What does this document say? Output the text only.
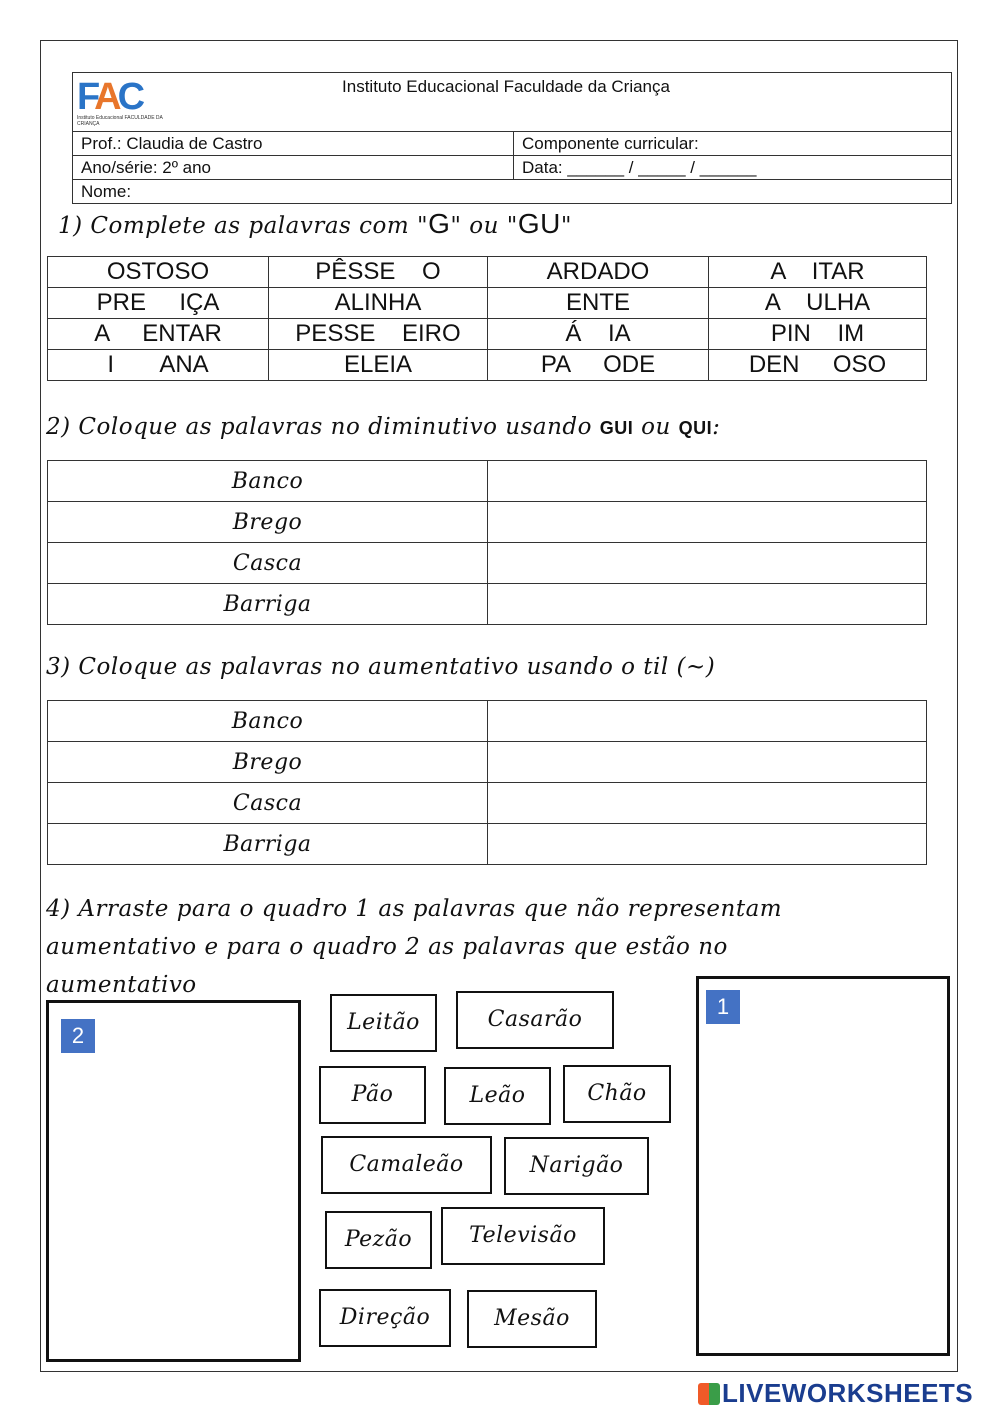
FAC
Instituto Educacional FACULDADE DA CRIANÇA
Instituto Educacional Faculdade da Criança
Prof.: Claudia de Castro	Componente curricular:
Ano/série: 2º ano	Data: ______ / _____ / ______
Nome:
1) Complete as palavras com "G" ou "GU"
OSTOSO	PÊSSE    O	ARDADO	A    ITAR
PRE     IÇA	ALINHA	ENTE	A    ULHA
A     ENTAR	PESSE    EIRO	Á    IA	PIN    IM
I       ANA	ELEIA	PA     ODE	DEN     OSO
2) Coloque as palavras no diminutivo usando GUI ou QUI:
Banco	
Brego	
Casca	
Barriga	
3) Coloque as palavras no aumentativo usando o til (~)
Banco	
Brego	
Casca	
Barriga	
4) Arraste para o quadro 1 as palavras que não representam
aumentativo e para o quadro 2 as palavras que estão no
aumentativo
2
1
Leitão	Casarão
Pão	Leão	Chão
Camaleão	Narigão
Pezão	Televisão
Direção	Mesão
LIVEWORKSHEETS
